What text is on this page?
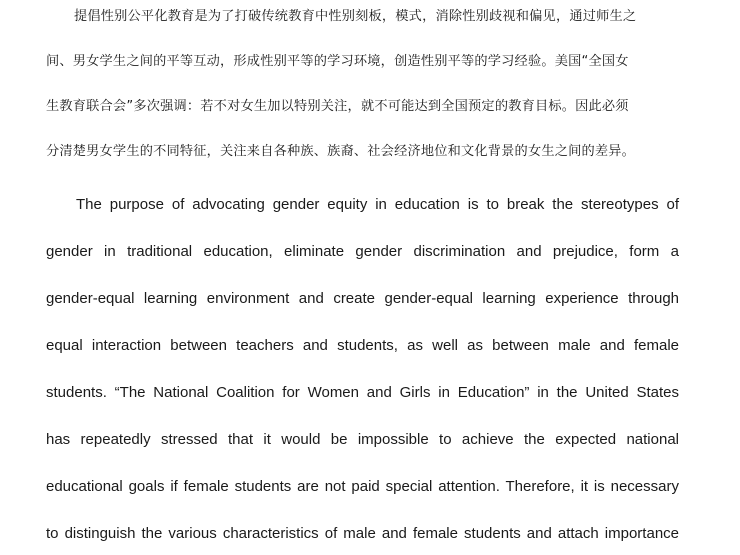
提倡性别公平化教育是为了打破传统教育中性别刻板，模式，消除性别歧视和偏见，通过师生之

间、男女学生之间的平等互动，形成性别平等的学习环境，创造性别平等的学习经验。美国“全国女

生教育联合会”多次强调：若不对女生加以特别关注，就不可能达到全国预定的教育目标。因此必须

分清楚男女学生的不同特征，关注来自各种族、族裔、社会经济地位和文化背景的女生之间的差异。

The purpose of advocating gender equity in education is to break the stereotypes of

gender in traditional education, eliminate gender discrimination and prejudice, form a

gender-equal learning environment and create gender-equal learning experience through

equal interaction between teachers and students, as well as between male and female

students. “The National Coalition for Women and Girls in Education” in the United States

has repeatedly stressed that it would be impossible to achieve the expected national

educational goals if female students are not paid special attention. Therefore, it is necessary

to distinguish the various characteristics of male and female students and attach importance
